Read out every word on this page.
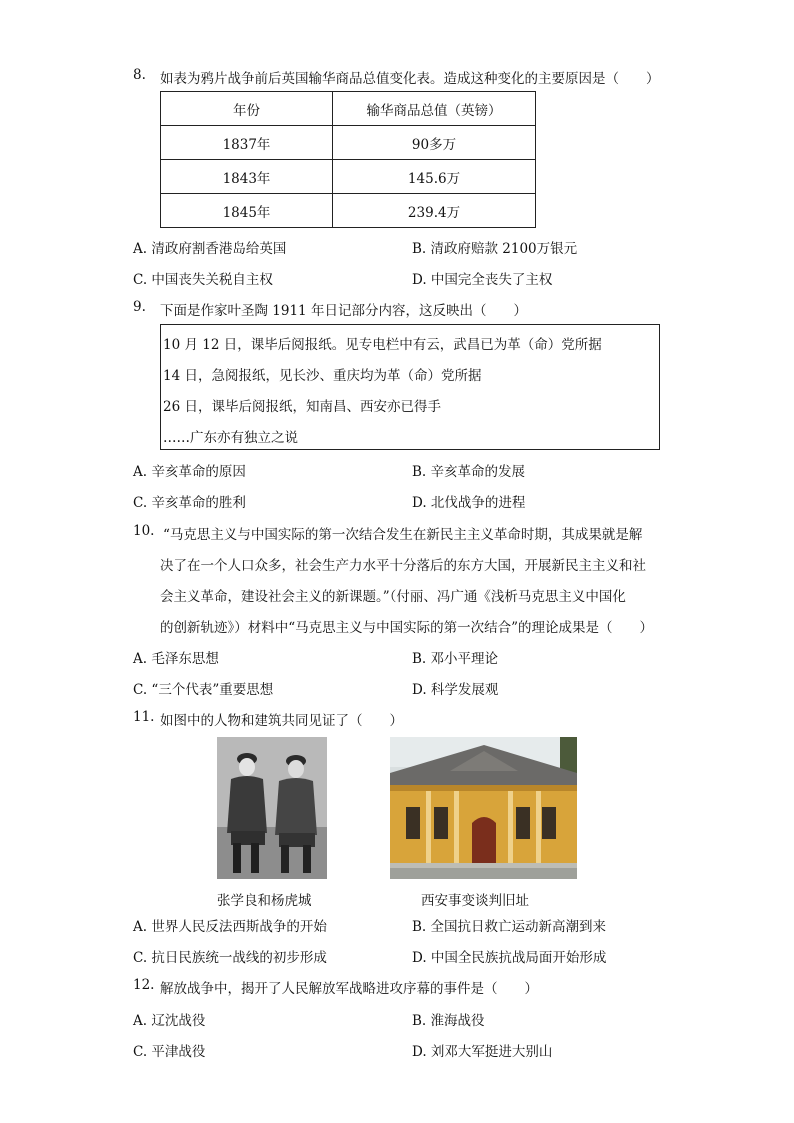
8. 如表为鸦片战争前后英国输华商品总值变化表。造成这种变化的主要原因是（　　）
年份	输华商品总值（英镑）
1837年	90多万
1843年	145.6万
1845年	239.4万
A. 清政府割香港岛给英国	B. 清政府赔款 2100万银元
C. 中国丧失关税自主权	D. 中国完全丧失了主权
9. 下面是作家叶圣陶 1911 年日记部分内容，这反映出（　　）
10 月 12 日，课毕后阅报纸。见专电栏中有云，武昌已为革（命）党所据
14 日，急阅报纸，见长沙、重庆均为革（命）党所据
26 日，课毕后阅报纸，知南昌、西安亦已得手
……广东亦有独立之说
A. 辛亥革命的原因	B. 辛亥革命的发展
C. 辛亥革命的胜利	D. 北伐战争的进程
10. “马克思主义与中国实际的第一次结合发生在新民主主义革命时期，其成果就是解
决了在一个人口众多，社会生产力水平十分落后的东方大国，开展新民主主义和社
会主义革命，建设社会主义的新课题。”（付丽、冯广通《浅析马克思主义中国化
的创新轨迹》）材料中“马克思主义与中国实际的第一次结合”的理论成果是（　　）
A. 毛泽东思想	B. 邓小平理论
C. “三个代表”重要思想	D. 科学发展观
11. 如图中的人物和建筑共同见证了（　　）
张学良和杨虎城	西安事变谈判旧址
A. 世界人民反法西斯战争的开始	B. 全国抗日救亡运动新高潮到来
C. 抗日民族统一战线的初步形成	D. 中国全民族抗战局面开始形成
12. 解放战争中，揭开了人民解放军战略进攻序幕的事件是（　　）
A. 辽沈战役	B. 淮海战役
C. 平津战役	D. 刘邓大军挺进大别山
